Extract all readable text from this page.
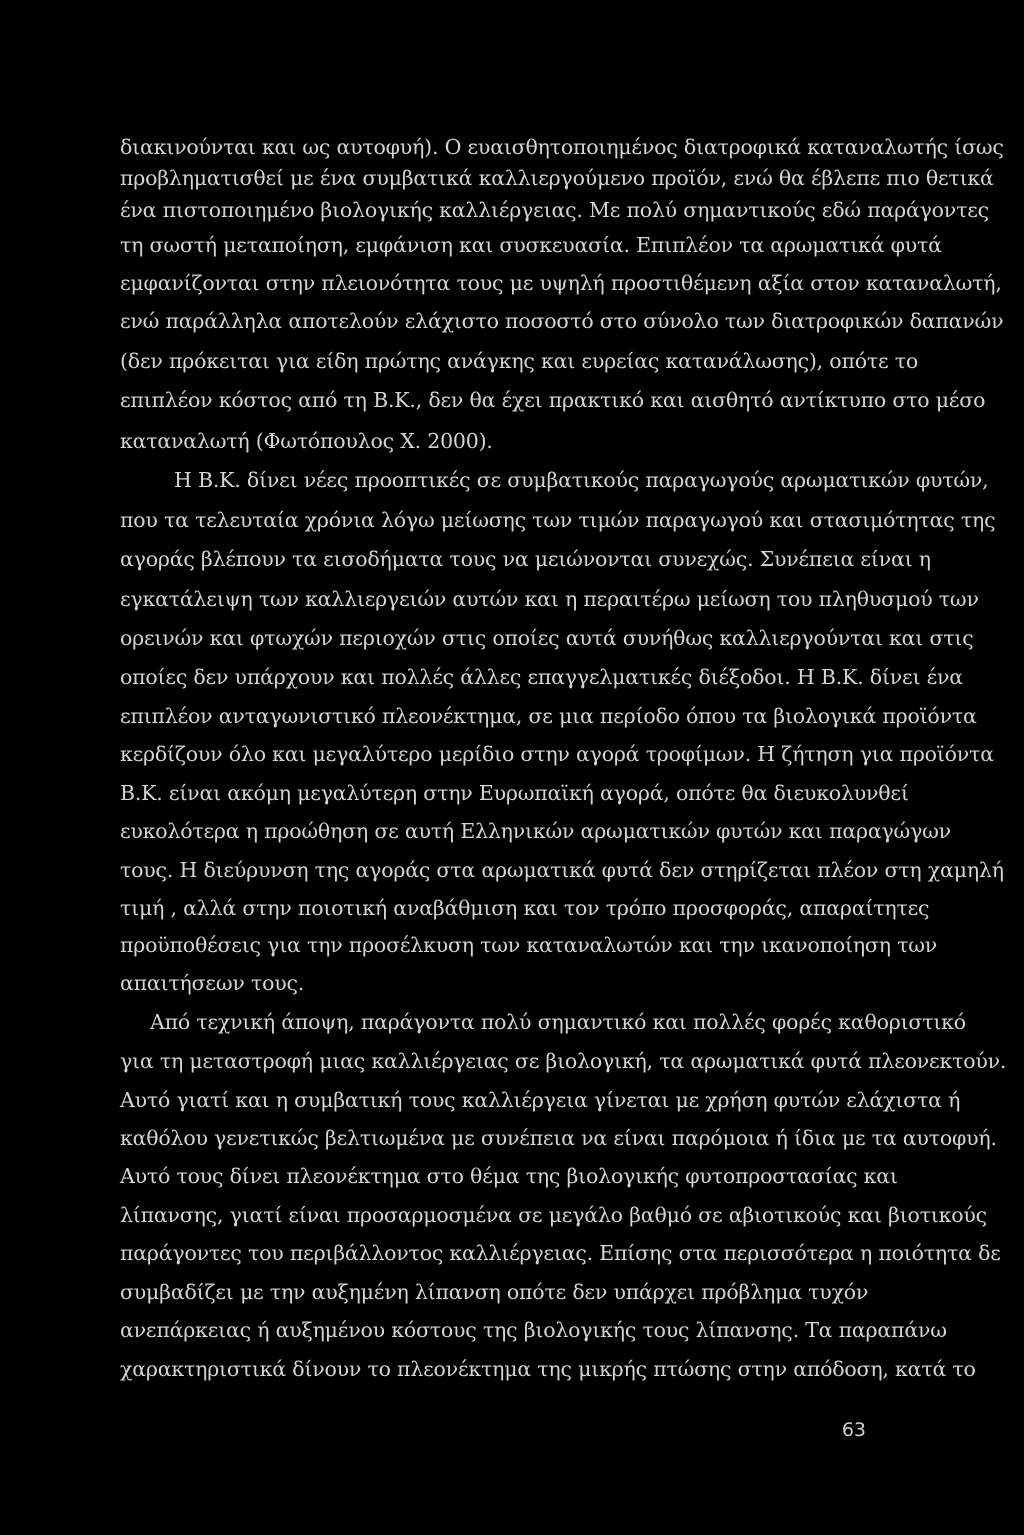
διακινούνται και ως αυτοφυή). Ο ευαισθητοποιημένος διατροφικά καταναλωτής ίσως
προβληματισθεί με ένα συμβατικά καλλιεργούμενο προϊόν, ενώ θα έβλεπε πιο θετικά
ένα πιστοποιημένο βιολογικής καλλιέργειας. Με πολύ σημαντικούς εδώ παράγοντες
τη σωστή μεταποίηση, εμφάνιση και συσκευασία. Επιπλέον τα αρωματικά φυτά
εμφανίζονται στην πλειονότητα τους με υψηλή προστιθέμενη αξία στον καταναλωτή,
ενώ παράλληλα αποτελούν ελάχιστο ποσοστό στο σύνολο των διατροφικών δαπανών
(δεν πρόκειται για είδη πρώτης ανάγκης και ευρείας κατανάλωσης), οπότε το
επιπλέον κόστος από τη Β.Κ., δεν θα έχει πρακτικό και αισθητό αντίκτυπο στο μέσο
καταναλωτή (Φωτόπουλος Χ. 2000).
Η Β.Κ. δίνει νέες προοπτικές σε συμβατικούς παραγωγούς αρωματικών φυτών,
που τα τελευταία χρόνια λόγω μείωσης των τιμών παραγωγού και στασιμότητας της
αγοράς βλέπουν τα εισοδήματα τους να μειώνονται συνεχώς. Συνέπεια είναι η
εγκατάλειψη των καλλιεργειών αυτών και η περαιτέρω μείωση του πληθυσμού των
ορεινών και φτωχών περιοχών στις οποίες αυτά συνήθως καλλιεργούνται και στις
οποίες δεν υπάρχουν και πολλές άλλες επαγγελματικές διέξοδοι. Η Β.Κ. δίνει ένα
επιπλέον ανταγωνιστικό πλεονέκτημα, σε μια περίοδο όπου τα βιολογικά προϊόντα
κερδίζουν όλο και μεγαλύτερο μερίδιο στην αγορά τροφίμων. Η ζήτηση για προϊόντα
Β.Κ. είναι ακόμη μεγαλύτερη στην Ευρωπαϊκή αγορά, οπότε θα διευκολυνθεί
ευκολότερα η προώθηση σε αυτή Ελληνικών αρωματικών φυτών και παραγώγων
τους. Η διεύρυνση της αγοράς στα αρωματικά φυτά δεν στηρίζεται πλέον στη χαμηλή
τιμή , αλλά στην ποιοτική αναβάθμιση και τον τρόπο προσφοράς, απαραίτητες
προϋποθέσεις για την προσέλκυση των καταναλωτών και την ικανοποίηση των
απαιτήσεων τους.
Από τεχνική άποψη, παράγοντα πολύ σημαντικό και πολλές φορές καθοριστικό
για τη μεταστροφή μιας καλλιέργειας σε βιολογική, τα αρωματικά φυτά πλεονεκτούν.
Αυτό γιατί και η συμβατική τους καλλιέργεια γίνεται με χρήση φυτών ελάχιστα ή
καθόλου γενετικώς βελτιωμένα με συνέπεια να είναι παρόμοια ή ίδια με τα αυτοφυή.
Αυτό τους δίνει πλεονέκτημα στο θέμα της βιολογικής φυτοπροστασίας και
λίπανσης, γιατί είναι προσαρμοσμένα σε μεγάλο βαθμό σε αβιοτικούς και βιοτικούς
παράγοντες του περιβάλλοντος καλλιέργειας. Επίσης στα περισσότερα η ποιότητα δε
συμβαδίζει με την αυξημένη λίπανση οπότε δεν υπάρχει πρόβλημα τυχόν
ανεπάρκειας ή αυξημένου κόστους της βιολογικής τους λίπανσης. Τα παραπάνω
χαρακτηριστικά δίνουν το πλεονέκτημα της μικρής πτώσης στην απόδοση, κατά το
63
